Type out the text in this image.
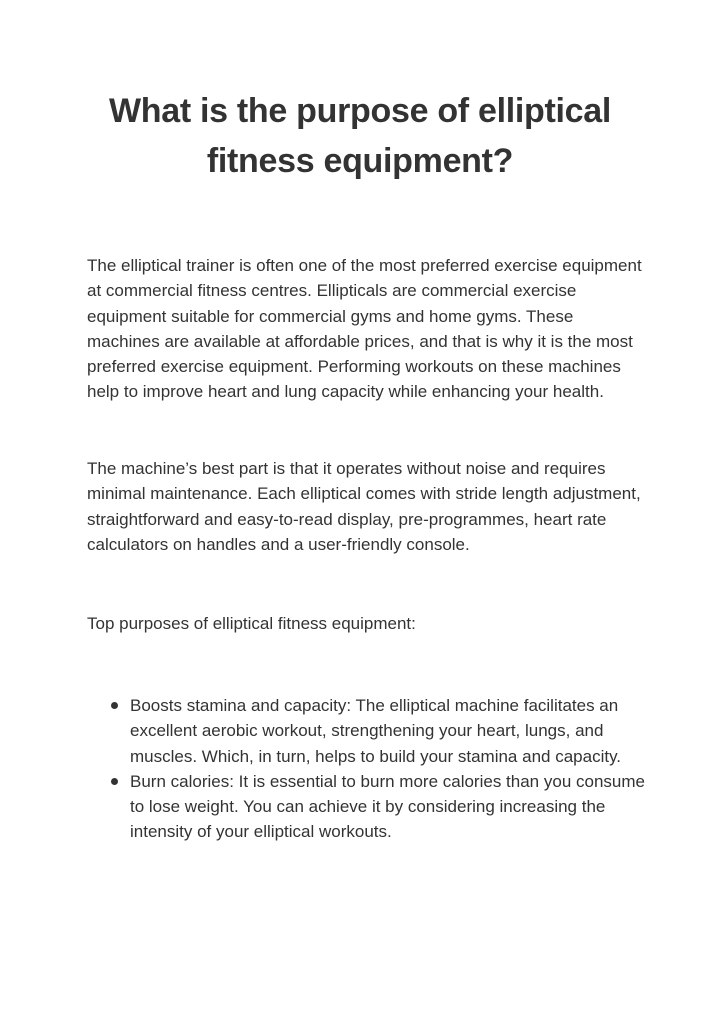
What is the purpose of elliptical fitness equipment?

The elliptical trainer is often one of the most preferred exercise equipment at commercial fitness centres. Ellipticals are commercial exercise equipment suitable for commercial gyms and home gyms. These machines are available at affordable prices, and that is why it is the most preferred exercise equipment. Performing workouts on these machines help to improve heart and lung capacity while enhancing your health.

The machine’s best part is that it operates without noise and requires minimal maintenance. Each elliptical comes with stride length adjustment, straightforward and easy-to-read display, pre-programmes, heart rate calculators on handles and a user-friendly console.

Top purposes of elliptical fitness equipment:

Boosts stamina and capacity: The elliptical machine facilitates an excellent aerobic workout, strengthening your heart, lungs, and muscles. Which, in turn, helps to build your stamina and capacity.
Burn calories: It is essential to burn more calories than you consume to lose weight. You can achieve it by considering increasing the intensity of your elliptical workouts.
